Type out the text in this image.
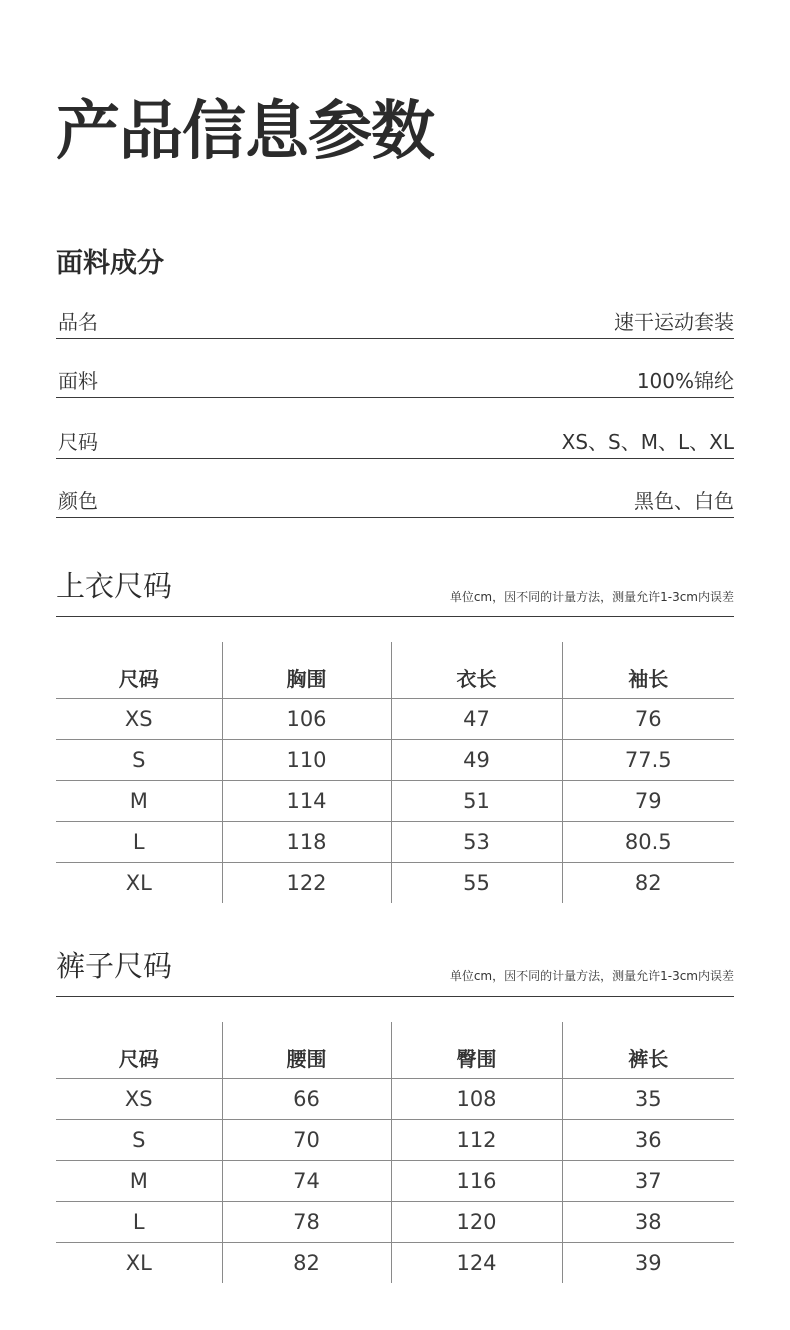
产品信息参数
面料成分
品名	速干运动套装
面料	100%锦纶
尺码	XS、S、M、L、XL
颜色	黑色、白色
上衣尺码	单位cm，因不同的计量方法，测量允许1-3cm内误差
尺码	胸围	衣长	袖长
XS	106	47	76
S	110	49	77.5
M	114	51	79
L	118	53	80.5
XL	122	55	82
裤子尺码	单位cm，因不同的计量方法，测量允许1-3cm内误差
尺码	腰围	臀围	裤长
XS	66	108	35
S	70	112	36
M	74	116	37
L	78	120	38
XL	82	124	39
